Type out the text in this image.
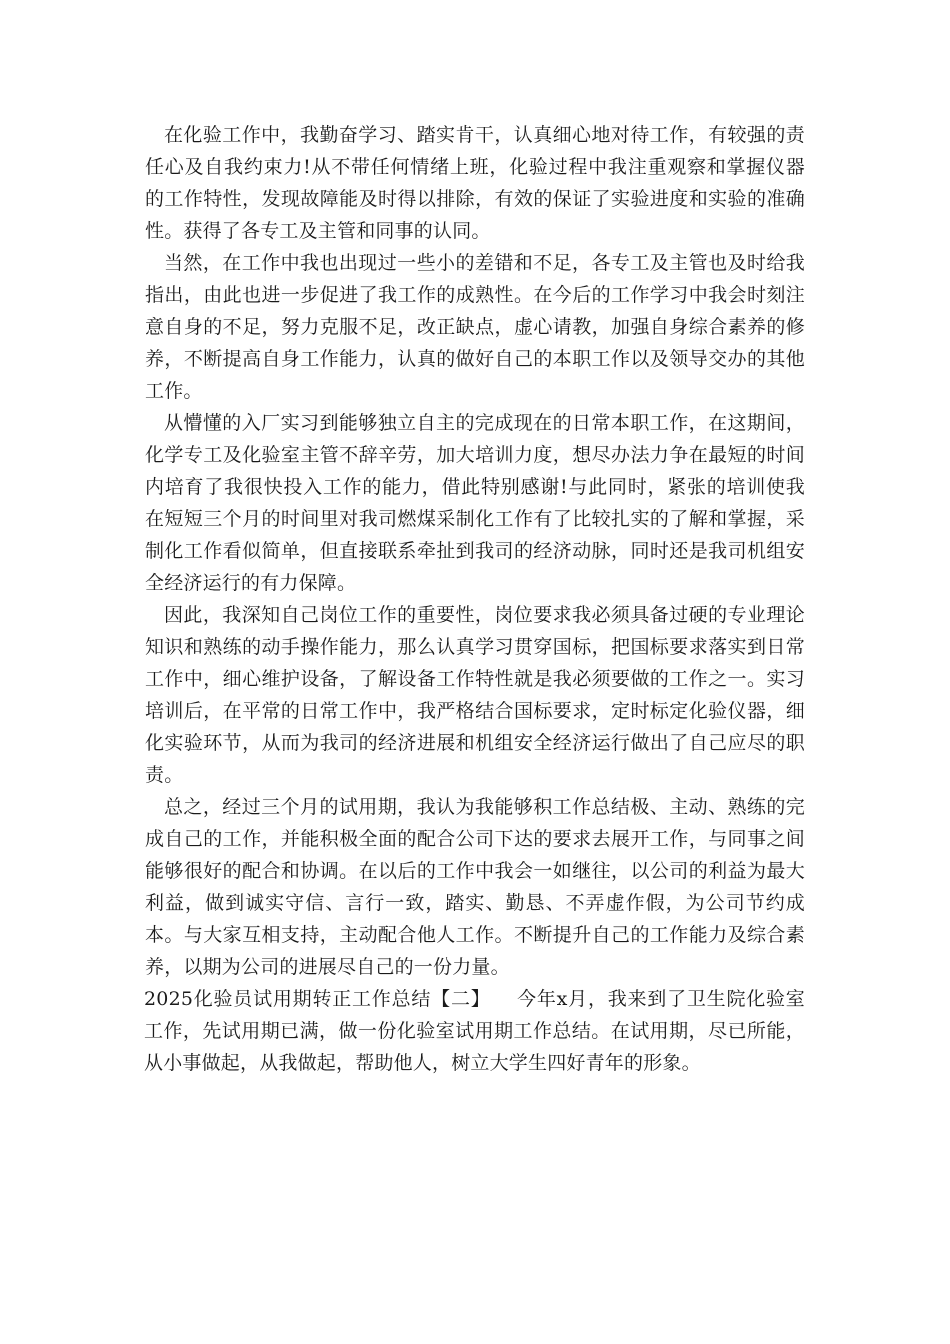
在化验工作中，我勤奋学习、踏实肯干，认真细心地对待工作，有较强的责任心及自我约束力!从不带任何情绪上班，化验过程中我注重观察和掌握仪器的工作特性，发现故障能及时得以排除，有效的保证了实验进度和实验的准确性。获得了各专工及主管和同事的认同。

当然，在工作中我也出现过一些小的差错和不足，各专工及主管也及时给我指出，由此也进一步促进了我工作的成熟性。在今后的工作学习中我会时刻注意自身的不足，努力克服不足，改正缺点，虚心请教，加强自身综合素养的修养，不断提高自身工作能力，认真的做好自己的本职工作以及领导交办的其他工作。

从懵懂的入厂实习到能够独立自主的完成现在的日常本职工作，在这期间，化学专工及化验室主管不辞辛劳，加大培训力度，想尽办法力争在最短的时间内培育了我很快投入工作的能力，借此特别感谢!与此同时，紧张的培训使我在短短三个月的时间里对我司燃煤采制化工作有了比较扎实的了解和掌握，采制化工作看似简单，但直接联系牵扯到我司的经济动脉，同时还是我司机组安全经济运行的有力保障。

因此，我深知自己岗位工作的重要性，岗位要求我必须具备过硬的专业理论知识和熟练的动手操作能力，那么认真学习贯穿国标，把国标要求落实到日常工作中，细心维护设备，了解设备工作特性就是我必须要做的工作之一。实习培训后，在平常的日常工作中，我严格结合国标要求，定时标定化验仪器，细化实验环节，从而为我司的经济进展和机组安全经济运行做出了自己应尽的职责。

总之，经过三个月的试用期，我认为我能够积工作总结极、主动、熟练的完成自己的工作，并能积极全面的配合公司下达的要求去展开工作，与同事之间能够很好的配合和协调。在以后的工作中我会一如继往，以公司的利益为最大利益，做到诚实守信、言行一致，踏实、勤恳、不弄虚作假，为公司节约成本。与大家互相支持，主动配合他人工作。不断提升自己的工作能力及综合素养，以期为公司的进展尽自己的一份力量。

2025化验员试用期转正工作总结【二】 今年x月，我来到了卫生院化验室工作，先试用期已满，做一份化验室试用期工作总结。在试用期，尽已所能，从小事做起，从我做起，帮助他人，树立大学生四好青年的形象。
